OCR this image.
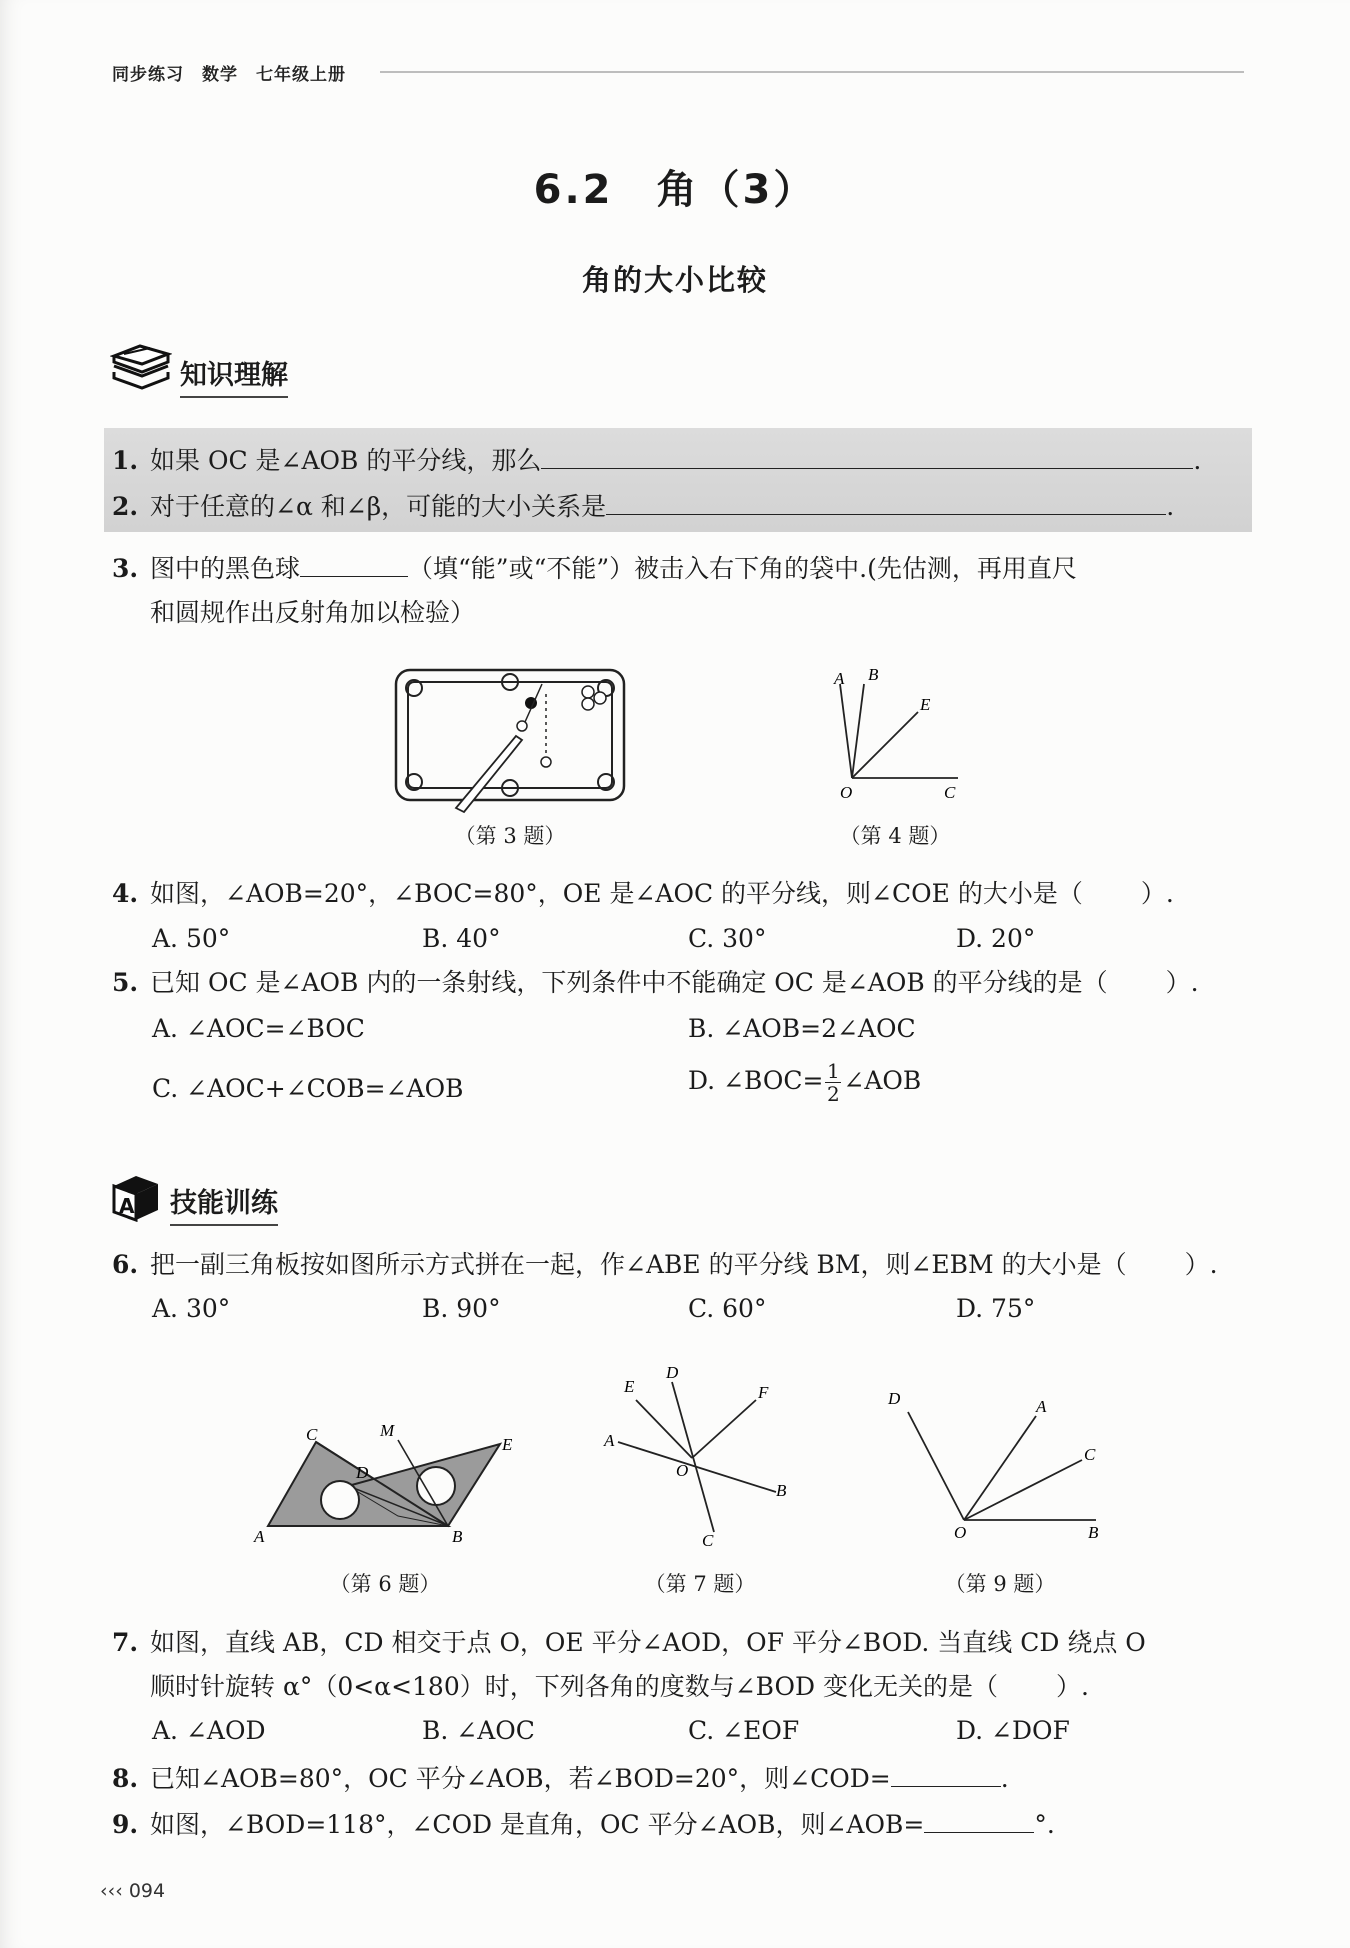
同步练习　数学　七年级上册
6.2　角（3）
角的大小比较
知识理解
1. 如果 OC 是∠AOB 的平分线，那么	.
2. 对于任意的∠α 和∠β，可能的大小关系是	.
3. 图中的黑色球	（填“能”或“不能”）被击入右下角的袋中.(先估测，再用直尺
和圆规作出反射角加以检验）
（第 3 题）
A B
E
O	C
（第 4 题）
4. 如图，∠AOB=20°，∠BOC=80°，OE 是∠AOC 的平分线，则∠COE 的大小是（ ）.
A. 50°	B. 40°	C. 30°	D. 20°
5. 已知 OC 是∠AOB 内的一条射线，下列条件中不能确定 OC 是∠AOB 的平分线的是（ ）.
A. ∠AOC=∠BOC	B. ∠AOB=2∠AOC
C. ∠AOC+∠COB=∠AOB	D. ∠BOC= $\frac{1}{2}$ ∠AOB
A 技能训练
6. 把一副三角板按如图所示方式拼在一起，作∠ABE 的平分线 BM，则∠EBM 的大小是（ ）.
A. 30°	B. 90°	C. 60°	D. 75°
C	M
D
E
A	B
（第 6 题）
E
D
F
A
O
B
C
（第 7 题）
D	A
C
O	B
（第 9 题）
7. 如图，直线 AB，CD 相交于点 O，OE 平分∠AOD，OF 平分∠BOD. 当直线 CD 绕点 O
顺时针旋转 α°（0<α<180）时，下列各角的度数与∠BOD 变化无关的是（ ）.
A. ∠AOD	B. ∠AOC	C. ∠EOF	D. ∠DOF
8. 已知∠AOB=80°，OC 平分∠AOB，若∠BOD=20°，则∠COD=	.
9. 如图，∠BOD=118°，∠COD 是直角，OC 平分∠AOB，则∠AOB=	°.
‹‹‹ 094
